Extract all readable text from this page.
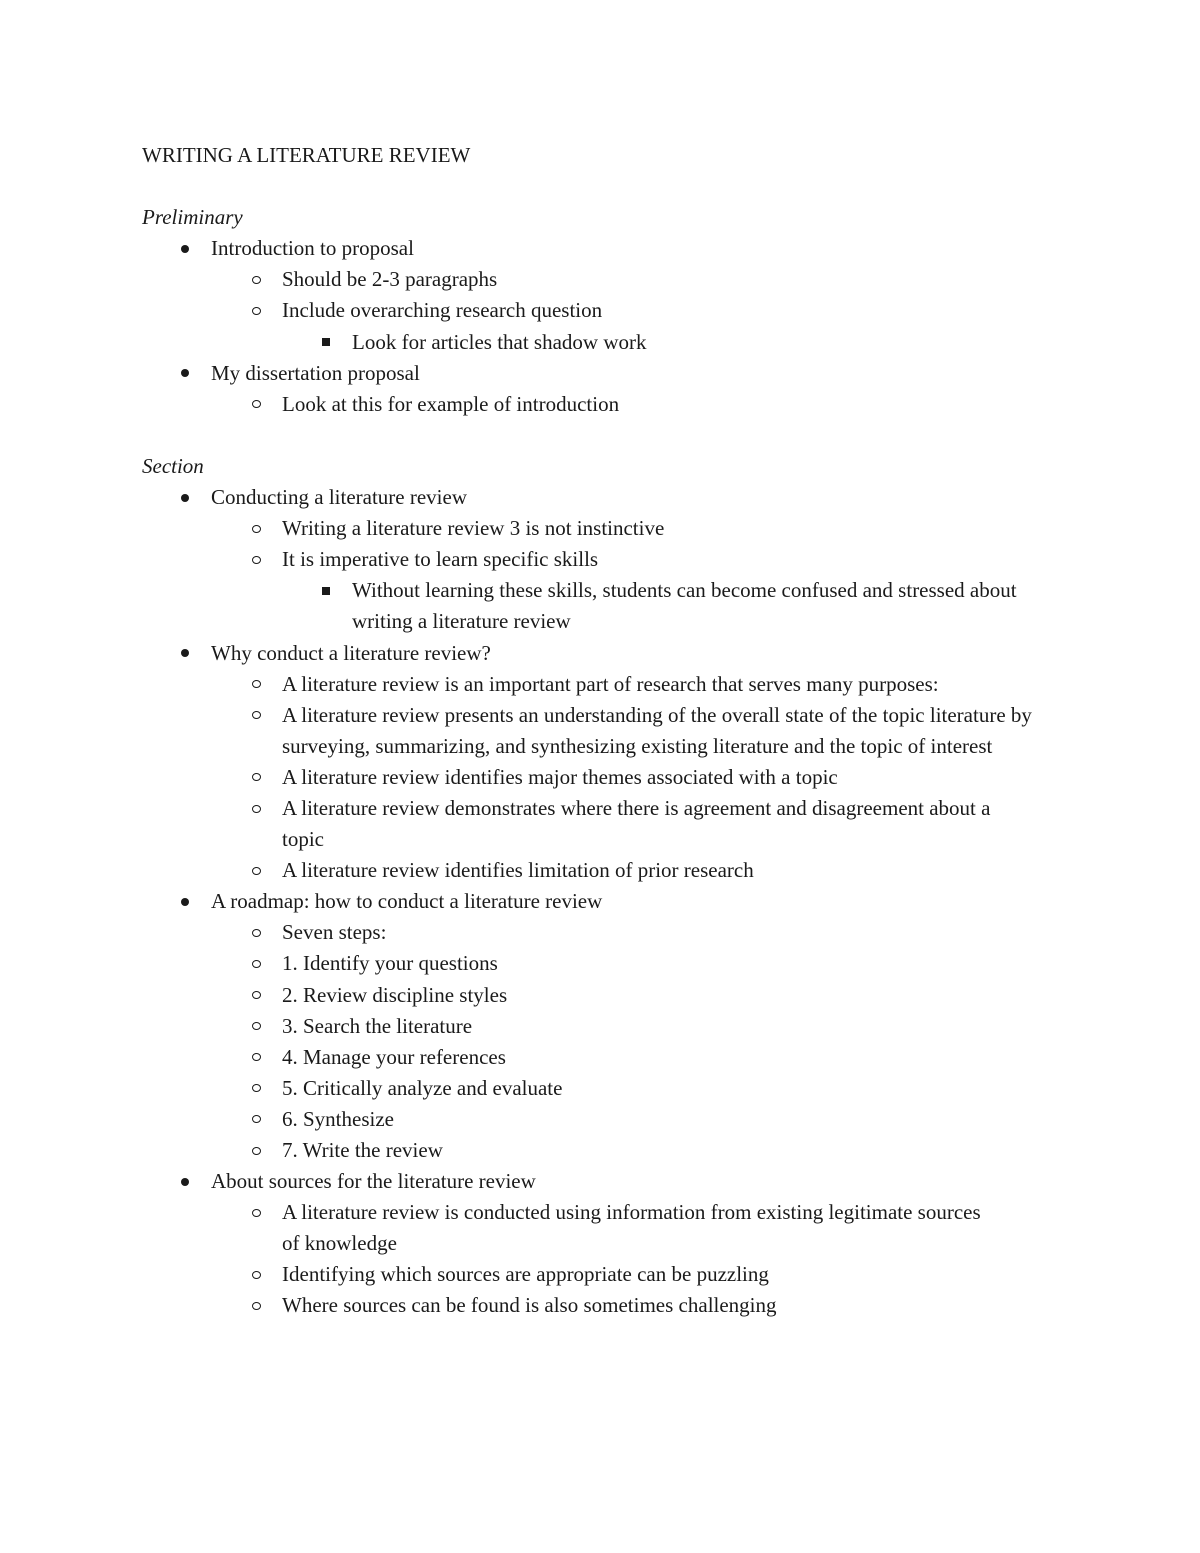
WRITING A LITERATURE REVIEW

Preliminary

Introduction to proposal
Should be 2-3 paragraphs
Include overarching research question
Look for articles that shadow work
My dissertation proposal
Look at this for example of introduction

Section

Conducting a literature review
Writing a literature review 3 is not instinctive
It is imperative to learn specific skills
Without learning these skills, students can become confused and stressed about writing a literature review
Why conduct a literature review?
A literature review is an important part of research that serves many purposes:
A literature review presents an understanding of the overall state of the topic literature by surveying, summarizing, and synthesizing existing literature and the topic of interest
A literature review identifies major themes associated with a topic
A literature review demonstrates where there is agreement and disagreement about a topic
A literature review identifies limitation of prior research
A roadmap: how to conduct a literature review
Seven steps:
1. Identify your questions
2. Review discipline styles
3. Search the literature
4. Manage your references
5. Critically analyze and evaluate
6. Synthesize
7. Write the review
About sources for the literature review
A literature review is conducted using information from existing legitimate sources of knowledge
Identifying which sources are appropriate can be puzzling
Where sources can be found is also sometimes challenging
